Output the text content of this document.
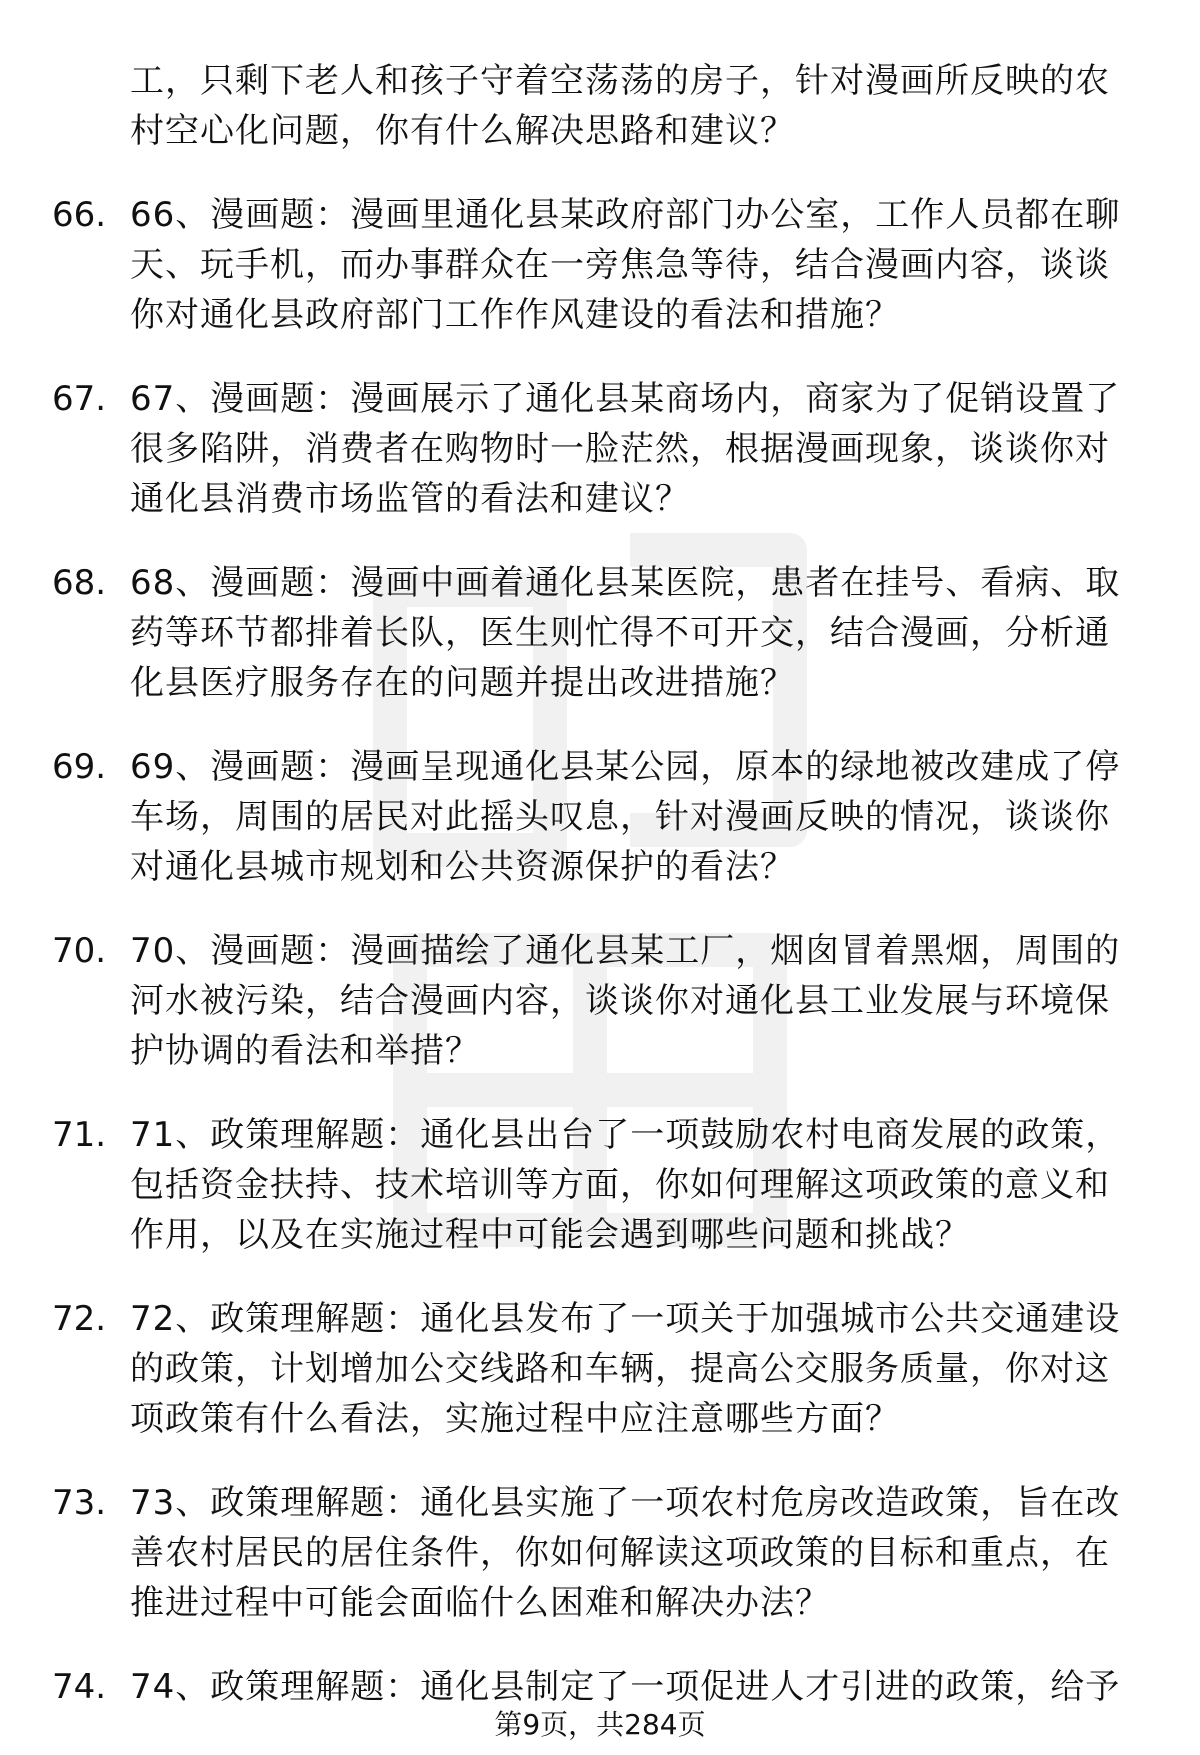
工，只剩下老人和孩子守着空荡荡的房子，针对漫画所反映的农
村空心化问题，你有什么解决思路和建议？
66. 66、漫画题：漫画里通化县某政府部门办公室，工作人员都在聊
天、玩手机，而办事群众在一旁焦急等待，结合漫画内容，谈谈
你对通化县政府部门工作作风建设的看法和措施？
67. 67、漫画题：漫画展示了通化县某商场内，商家为了促销设置了
很多陷阱，消费者在购物时一脸茫然，根据漫画现象，谈谈你对
通化县消费市场监管的看法和建议？
68. 68、漫画题：漫画中画着通化县某医院，患者在挂号、看病、取
药等环节都排着长队，医生则忙得不可开交，结合漫画，分析通
化县医疗服务存在的问题并提出改进措施？
69. 69、漫画题：漫画呈现通化县某公园，原本的绿地被改建成了停
车场，周围的居民对此摇头叹息，针对漫画反映的情况，谈谈你
对通化县城市规划和公共资源保护的看法？
70. 70、漫画题：漫画描绘了通化县某工厂，烟囱冒着黑烟，周围的
河水被污染，结合漫画内容，谈谈你对通化县工业发展与环境保
护协调的看法和举措？
71. 71、政策理解题：通化县出台了一项鼓励农村电商发展的政策，
包括资金扶持、技术培训等方面，你如何理解这项政策的意义和
作用，以及在实施过程中可能会遇到哪些问题和挑战？
72. 72、政策理解题：通化县发布了一项关于加强城市公共交通建设
的政策，计划增加公交线路和车辆，提高公交服务质量，你对这
项政策有什么看法，实施过程中应注意哪些方面？
73. 73、政策理解题：通化县实施了一项农村危房改造政策，旨在改
善农村居民的居住条件，你如何解读这项政策的目标和重点，在
推进过程中可能会面临什么困难和解决办法？
74. 74、政策理解题：通化县制定了一项促进人才引进的政策，给予
第9页，共284页
